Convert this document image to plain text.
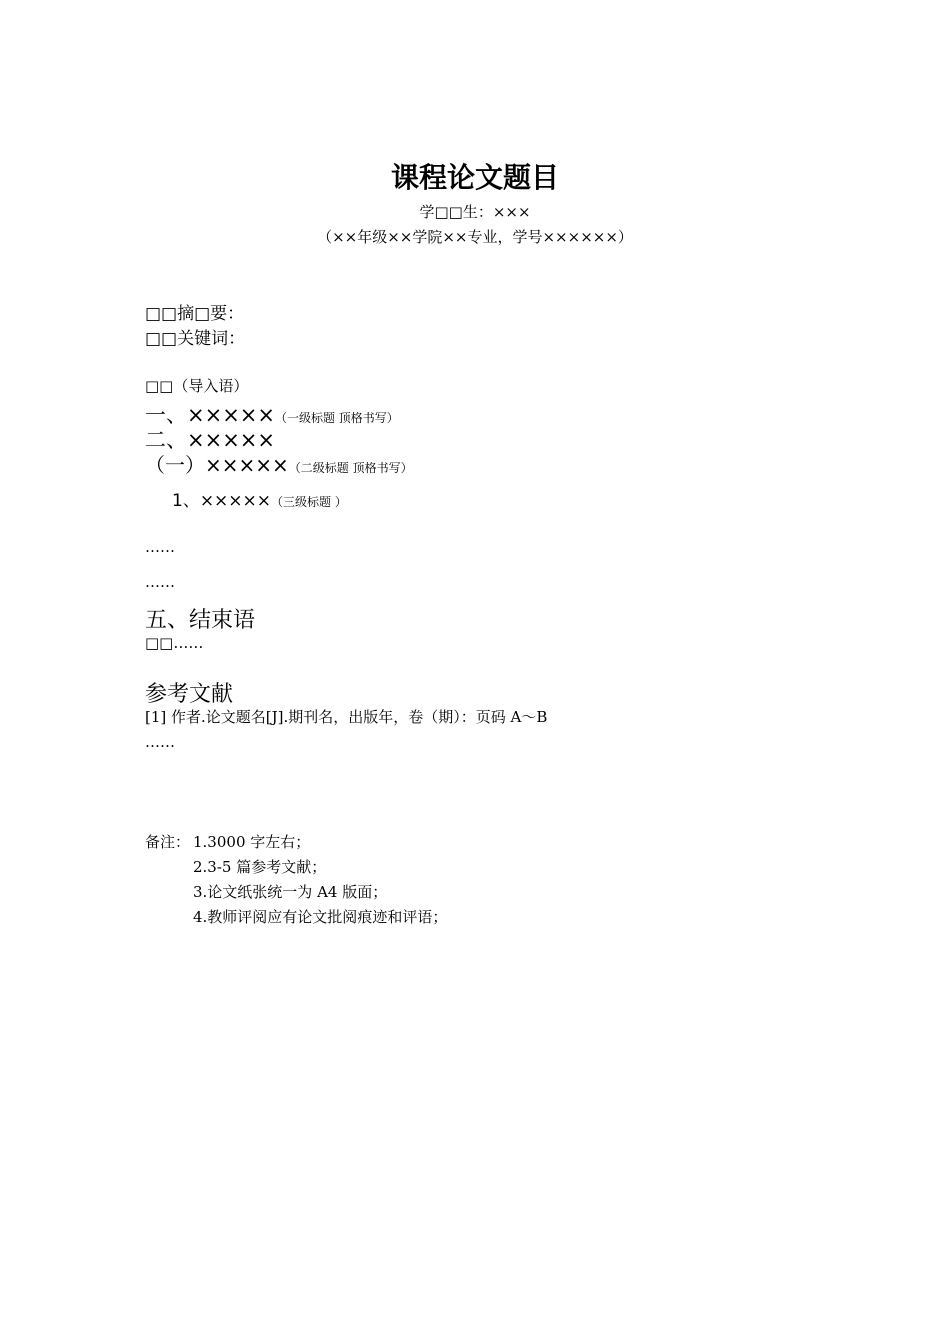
课程论文题目
学□□生：×××
（××年级××学院××专业，学号××××××）
□□摘□要：
□□关键词：
□□（导入语）
一、×××××（一级标题 顶格书写）
二、×××××
（一）×××××（二级标题 顶格书写）
1、×××××（三级标题 ）
……
……
五、结束语
□□……
参考文献
[1] 作者.论文题名[J].期刊名，出版年，卷（期）：页码 A～B
……
备注： 1.3000 字左右；
2.3-5 篇参考文献；
3.论文纸张统一为 A4 版面；
4.教师评阅应有论文批阅痕迹和评语；
